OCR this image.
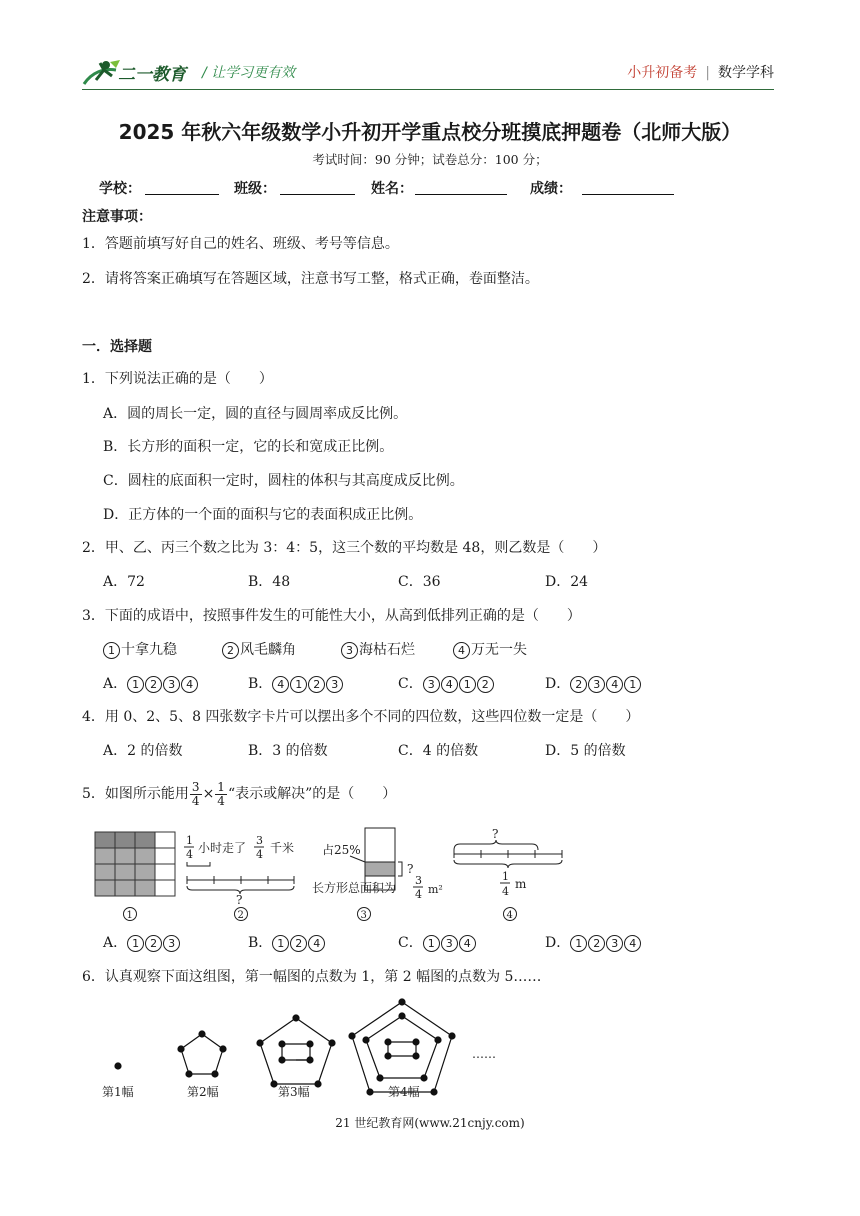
二一教育 / 让学习更有效	小升初备考 | 数学学科
2025 年秋六年级数学小升初开学重点校分班摸底押题卷（北师大版）
考试时间：90 分钟；试卷总分：100 分；
学校：	班级：	姓名：	成绩：
注意事项：
1．答题前填写好自己的姓名、班级、考号等信息。
2．请将答案正确填写在答题区域，注意书写工整，格式正确，卷面整洁。
一．选择题
1．下列说法正确的是（　　）
A．圆的周长一定，圆的直径与圆周率成反比例。
B．长方形的面积一定，它的长和宽成正比例。
C．圆柱的底面积一定时，圆柱的体积与其高度成反比例。
D．正方体的一个面的面积与它的表面积成正比例。
2．甲、乙、丙三个数之比为 3：4：5，这三个数的平均数是 48，则乙数是（　　）
A．72	B．48	C．36	D．24
3．下面的成语中，按照事件发生的可能性大小，从高到低排列正确的是（　　）
1 十拿九稳	2 风毛麟角	3 海枯石烂	4 万无一失
A． 1 2 3 4	B． 4 1 2 3	C． 3 4 1 2	D． 2 3 4 1
4．用 0、2、5、8 四张数字卡片可以摆出多个不同的四位数，这些四位数一定是（　　）
A．2 的倍数	B．3 的倍数	C．4 的倍数	D．5 的倍数
5．如图所示能用 $\frac{3}{4} \times \frac{1}{4}$ “表示或解决”的是（　　）
1
4 小时走了
3
4 千米
?
占25%
?
长方形总面积为
3
4 m²
?
1
4
m
1	2	3	4
A． 1 2 3	B． 1 2 4	C． 1 3 4	D． 1 2 3 4
6．认真观察下面这组图，第一幅图的点数为 1，第 2 幅图的点数为 5……
第1幅	第2幅	第3幅	第4幅
……
21 世纪教育网(www.21cnjy.com)
